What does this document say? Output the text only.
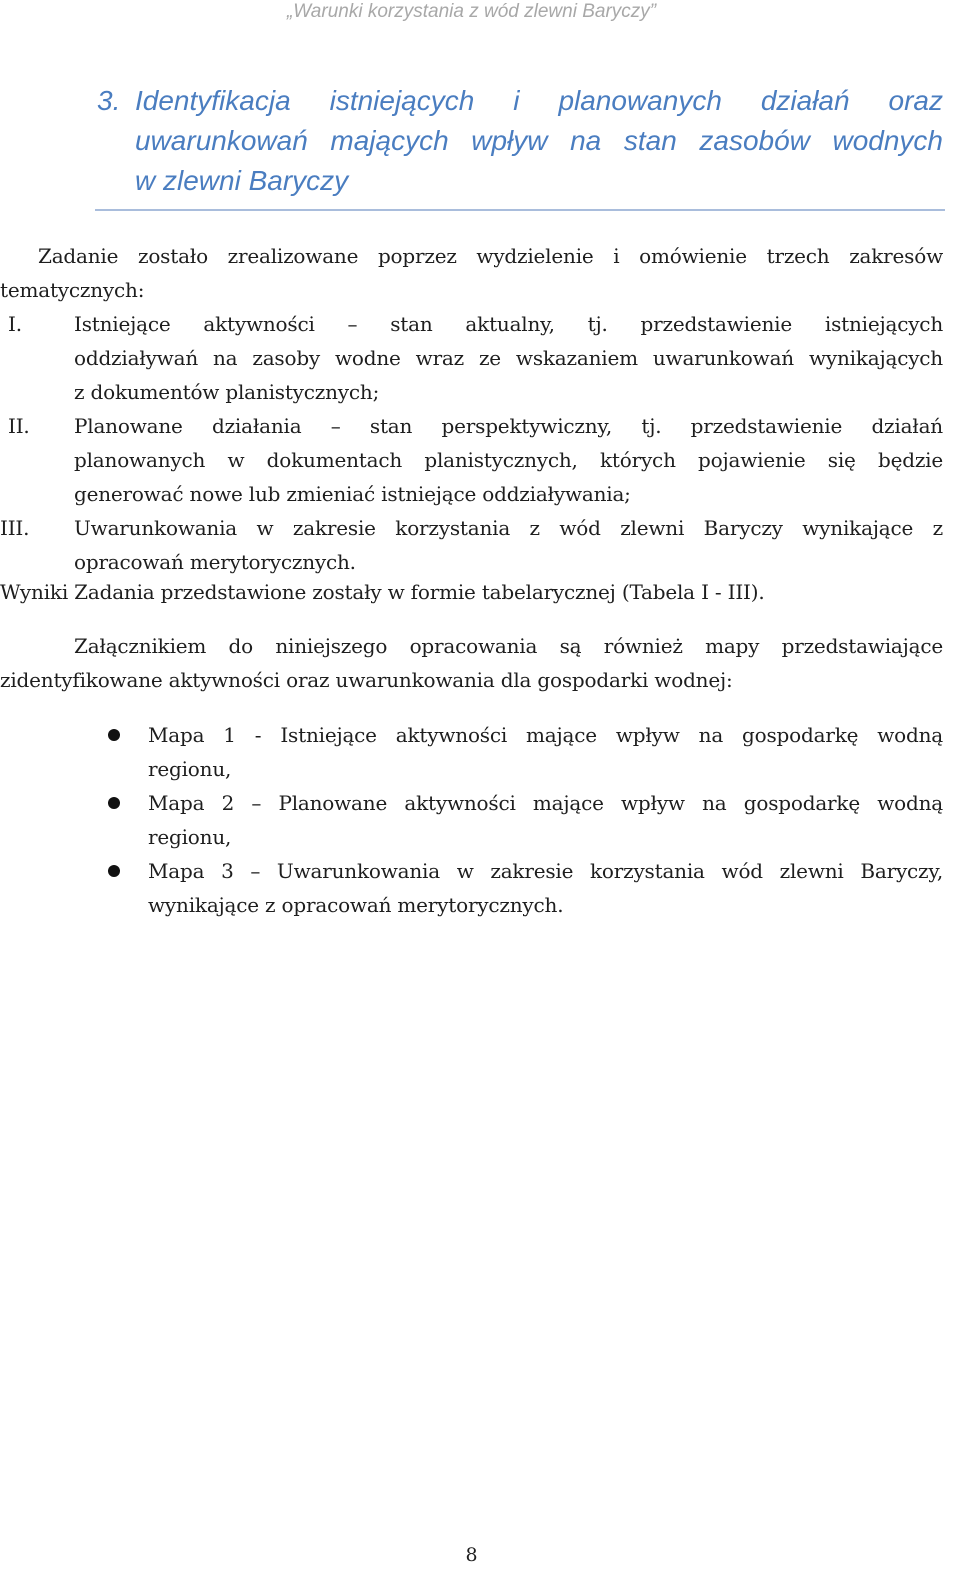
„Warunki korzystania z wód zlewni Baryczy”
3. Identyfikacja istniejących i planowanych działań oraz
uwarunkowań mających wpływ na stan zasobów wodnych
w zlewni Baryczy
Zadanie zostało zrealizowane poprzez wydzielenie i omówienie trzech zakresów
tematycznych:
I.	Istniejące aktywności – stan aktualny, tj. przedstawienie istniejących
oddziaływań na zasoby wodne wraz ze wskazaniem uwarunkowań wynikających
z dokumentów planistycznych;
II. Planowane działania – stan perspektywiczny, tj. przedstawienie działań
planowanych w dokumentach planistycznych, których pojawienie się będzie
generować nowe lub zmieniać istniejące oddziaływania;
III. Uwarunkowania w zakresie korzystania z wód zlewni Baryczy wynikające z
opracowań merytorycznych.
Wyniki Zadania przedstawione zostały w formie tabelarycznej (Tabela I - III).
Załącznikiem do niniejszego opracowania są również mapy przedstawiające
zidentyfikowane aktywności oraz uwarunkowania dla gospodarki wodnej:
Mapa 1 - Istniejące aktywności mające wpływ na gospodarkę wodną
regionu,
Mapa 2 – Planowane aktywności mające wpływ na gospodarkę wodną
regionu,
Mapa 3 – Uwarunkowania w zakresie korzystania wód zlewni Baryczy,
wynikające z opracowań merytorycznych.
8
